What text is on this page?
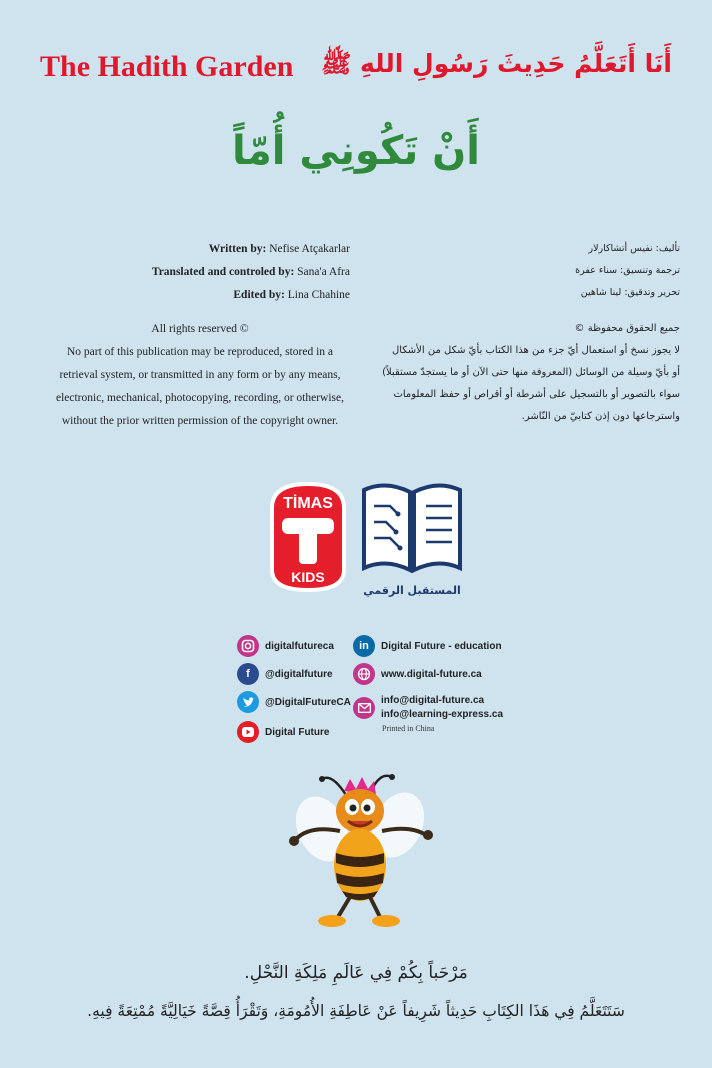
The Hadith Garden أَنَا أَتَعَلَّمُ حَدِيثَ رَسُولِ اللهِ ﷺ
أَنْ تَكُونِي أُمّاً
Written by: Nefise Atçakarlar
Translated and controled by: Sana'a Afra
Edited by: Lina Chahine
تأليف: نفيس أتشاكارلار
ترجمة وتنسيق: سناء عفرة
تحرير وتدقيق: لينا شاهين
All rights reserved ©
No part of this publication may be reproduced, stored in a
retrieval system, or transmitted in any form or by any means,
electronic, mechanical, photocopying, recording, or otherwise,
without the prior written permission of the copyright owner.
جميع الحقوق محفوظة ©
لا يجوز نسخ أو استعمال أيّ جزء من هذا الكتاب بأيّ شكل من الأشكال
أو بأيّ وسيلة من الوسائل (المعروفة منها حتى الآن أو ما يستجدّ مستقبلاً)
سواء بالتصوير أو بالتسجيل على أشرطة أو أقراص أو حفظ المعلومات
واسترجاعها دون إذن كتابيّ من النّاشر.
TİMAS
KIDS
المستقبل الرقمي
digitalfutureca
f	@digitalfuture
@DigitalFutureCA
Digital Future
in	Digital Future - education
www.digital-future.ca
info@digital-future.ca
info@learning-express.ca
Printed in China
مَرْحَباً بِكُمْ فِي عَالَمِ مَلِكَةِ النَّحْلِ.
سَتَتَعَلَّمُ فِي هَذَا الكِتَابِ حَدِيثاً شَرِيفاً عَنْ عَاطِفَةِ الأُمُومَةِ، وَتَقْرَأُ قِصَّةً خَيَالِيَّةً مُمْتِعَةً فِيهِ.
